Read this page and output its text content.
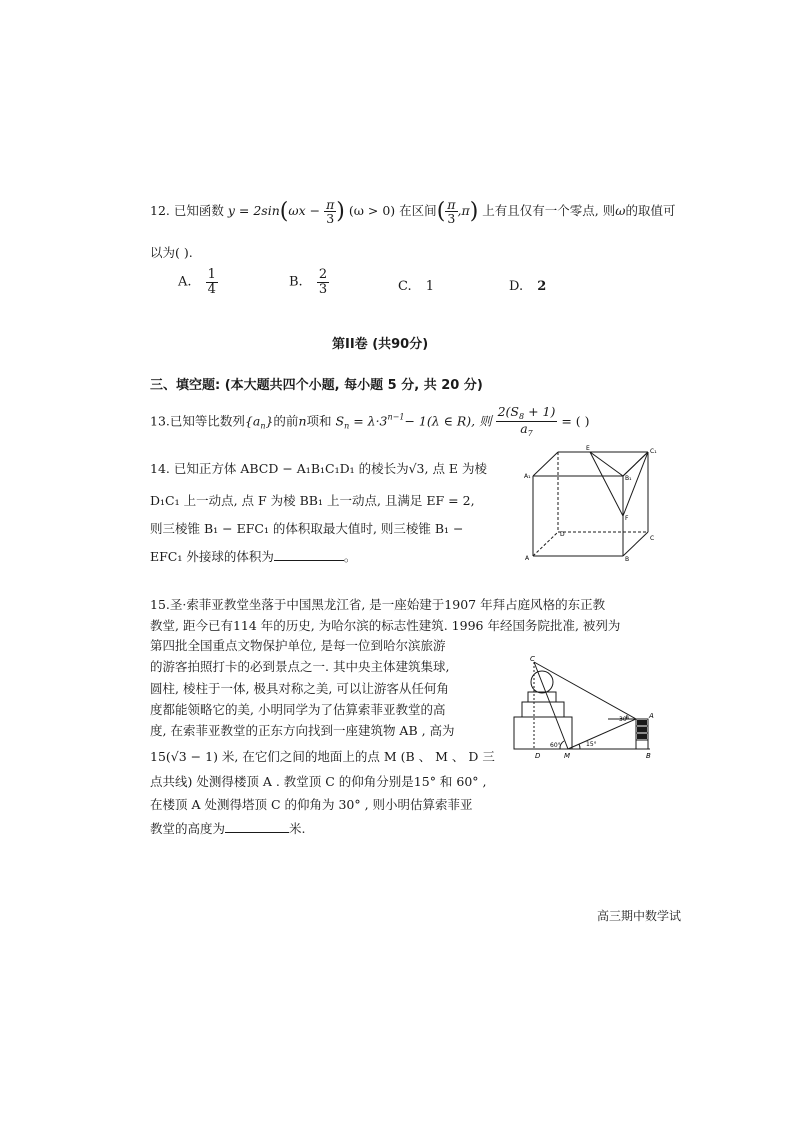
12. 已知函数 $y = 2\sin(\omega x - \frac{\pi}{3}$ ) (ω > 0) 在区间( $\frac{\pi}{3} ,\pi$) 上有且仅有一个零点, 则ω的取值可
以为( ).
A. $\frac{1}{4}$	B. $\frac{2}{3}$	C. 1	D. 2
第II卷 (共90分)
三、填空题: (本大题共四个小题, 每小题 5 分, 共 20 分)
13.已知等比数列$\{a_n\}$的前n项和 $S_n = \lambda\cdot 3^{n-1}- 1(\lambda$ ∈ R), 则 $\frac{2(S_8 + 1)}{a_7}$ = ( )
14. 已知正方体 ABCD − A₁B₁C₁D₁ 的棱长为√3, 点 E 为棱
D₁C₁ 上一动点, 点 F 为棱 BB₁ 上一动点, 且满足 EF = 2,
则三棱锥 B₁ − EFC₁ 的体积取最大值时, 则三棱锥 B₁ −
EFC₁ 外接球的体积为	。
A₁
E	C₁
B₁
F
D
C
A	B
15.圣·索菲亚教堂坐落于中国黑龙江省, 是一座始建于1907 年拜占庭风格的东正教
教堂, 距今已有114 年的历史, 为哈尔滨的标志性建筑. 1996 年经国务院批准, 被列为
第四批全国重点文物保护单位, 是每一位到哈尔滨旅游
的游客拍照打卡的必到景点之一. 其中央主体建筑集球,
圆柱, 棱柱于一体, 极具对称之美, 可以让游客从任何角
度都能领略它的美, 小明同学为了估算索菲亚教堂的高
度, 在索菲亚教堂的正东方向找到一座建筑物 AB , 高为
15(√3 − 1) 米, 在它们之间的地面上的点 M (B 、 M 、 D 三
点共线) 处测得楼顶 A . 教堂顶 C 的仰角分别是15° 和 60° ,
在楼顶 A 处测得塔顶 C 的仰角为 30° , 则小明估算索菲亚
教堂的高度为	米.
C
A
B
D	M
30°
60°	15°
高三期中数学试
